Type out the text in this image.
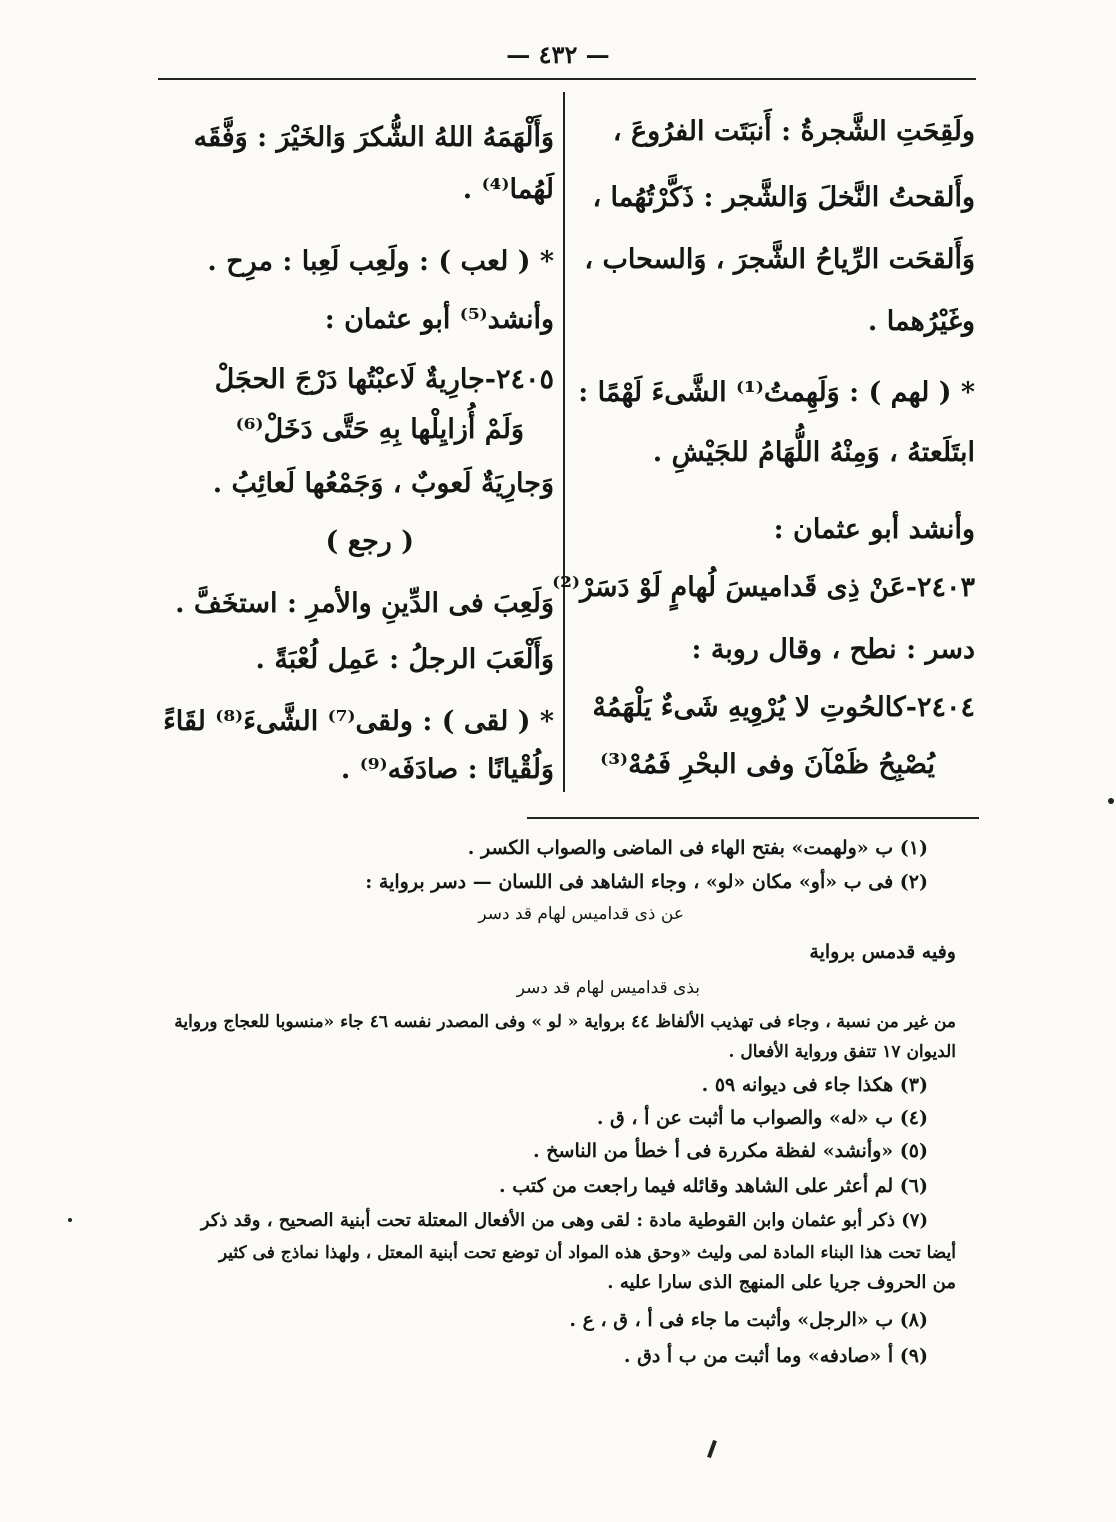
— ٤٣٢ —
ولَقِحَتِ الشَّجرةُ : أَنبَتَت الفرُوعَ ،
وأَلقحتُ النَّخلَ وَالشَّجر : ذَكَّرْتُهُما ،
وَأَلقحَت الرِّياحُ الشَّجرَ ، وَالسحاب ،
وغَيْرُهما .
* ( لهم ) : وَلَهِمتُ⁽¹⁾ الشَّىءَ لَهْمًا :
ابتَلَعتهُ ، وَمِنْهُ اللُّهَامُ للجَيْشِ .
وأنشد أبو عثمان :
٢٤٠٣-عَنْ ذِى قَداميسَ لُهامٍ لَوْ دَسَرْ⁽²⁾
دسر : نطح ، وقال روبة :
٢٤٠٤-كالحُوتِ لا يُرْوِيهِ شَىءٌ يَلْهَمُهْ
يُصْبِحُ ظَمْآنَ وفى البحْرِ فَمُهْ⁽³⁾
وَأَلْهَمَهُ اللهُ الشُّكرَ وَالخَيْرَ : وَفَّقَه
لَهُما⁽⁴⁾ .
* ( لعب ) : ولَعِب لَعِبا : مرِح .
وأنشد⁽⁵⁾ أبو عثمان :
٢٤٠٥-جارِيةٌ لَاعبْتُها دَرْجَ الحجَلْ
وَلَمْ أُزايِلْها بِهِ حَتَّى دَخَلْ⁽⁶⁾
وَجارِيَةٌ لَعوبٌ ، وَجَمْعُها لَعائِبُ .
( رجع )
وَلَعِبَ فى الدِّينِ والأمرِ : استخَفَّ .
وَأَلْعَبَ الرجلُ : عَمِل لُعْبَةً .
* ( لقى ) : ولقى⁽⁷⁾ الشَّىءَ⁽⁸⁾ لقَاءً
وَلُقْيانًا : صادَفَه⁽⁹⁾ .
(١) ب «ولهمت» بفتح الهاء فى الماضى والصواب الكسر .
(٢) فى ب «أو» مكان «لو» ، وجاء الشاهد فى اللسان — دسر برواية :
عن ذى قداميس لهام قد دسر
وفيه قدمس برواية
بذى قداميس لهام قد دسر
من غير من نسبة ، وجاء فى تهذيب الألفاظ ٤٤ برواية « لو » وفى المصدر نفسه ٤٦ جاء «منسوبا للعجاج ورواية
الديوان ١٧ تتفق ورواية الأفعال .
(٣) هكذا جاء فى ديوانه ٥٩ .
(٤) ب «له» والصواب ما أثبت عن أ ، ق .
(٥) «وأنشد» لفظة مكررة فى أ خطأ من الناسخ .
(٦) لم أعثر على الشاهد وقائله فيما راجعت من كتب .
(٧) ذكر أبو عثمان وابن القوطية مادة : لقى وهى من الأفعال المعتلة تحت أبنية الصحيح ، وقد ذكر
أيضا تحت هذا البناء المادة لمى وليث «وحق هذه المواد أن توضع تحت أبنية المعتل ، ولهذا نماذج فى كثير
من الحروف جريا على المنهج الذى سارا عليه .
(٨) ب «الرجل» وأثبت ما جاء فى أ ، ق ، ع .
(٩) أ «صادفه» وما أثبت من ب أ دق .
